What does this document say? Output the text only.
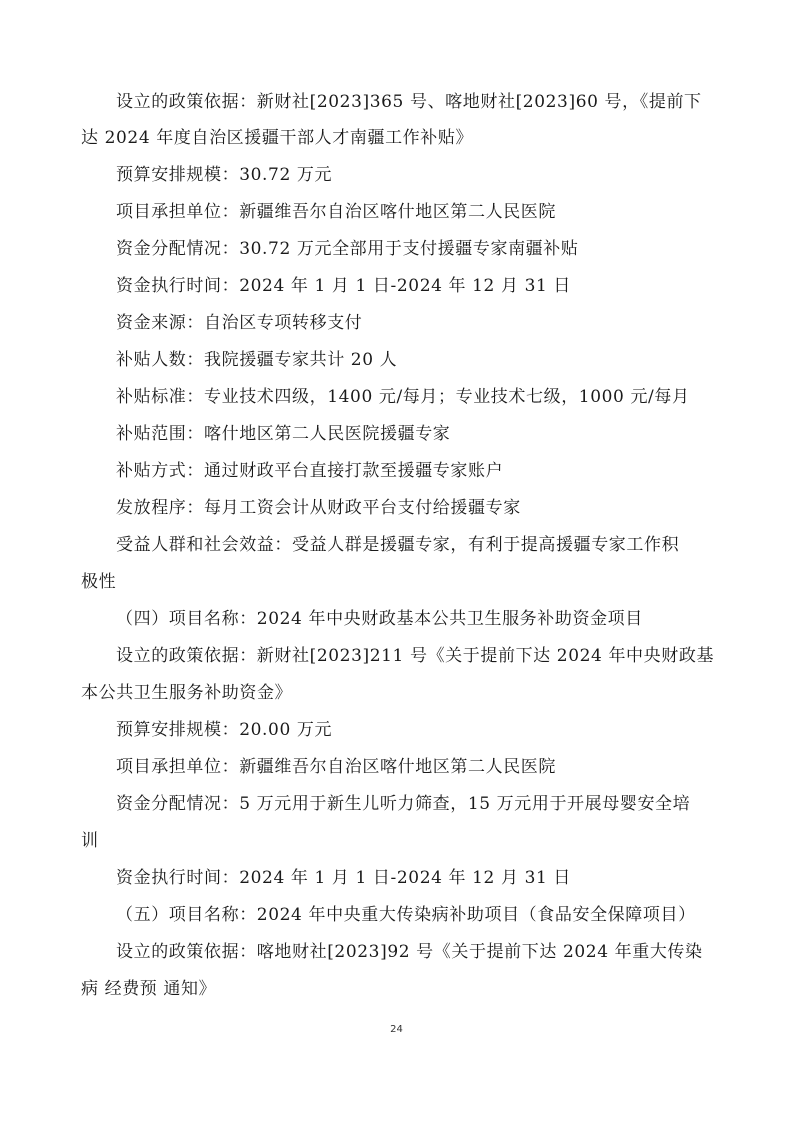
设立的政策依据：新财社[2023]365 号、喀地财社[2023]60 号，《提前下
达 2024 年度自治区援疆干部人才南疆工作补贴》
预算安排规模：30.72 万元
项目承担单位：新疆维吾尔自治区喀什地区第二人民医院
资金分配情况：30.72 万元全部用于支付援疆专家南疆补贴
资金执行时间：2024 年 1 月 1 日-2024 年 12 月 31 日
资金来源：自治区专项转移支付
补贴人数：我院援疆专家共计 20 人
补贴标准：专业技术四级，1400 元/每月；专业技术七级，1000 元/每月
补贴范围：喀什地区第二人民医院援疆专家
补贴方式：通过财政平台直接打款至援疆专家账户
发放程序：每月工资会计从财政平台支付给援疆专家
受益人群和社会效益：受益人群是援疆专家，有利于提高援疆专家工作积
极性
（四）项目名称：2024 年中央财政基本公共卫生服务补助资金项目
设立的政策依据：新财社[2023]211 号《关于提前下达 2024 年中央财政基
本公共卫生服务补助资金》
预算安排规模：20.00 万元
项目承担单位：新疆维吾尔自治区喀什地区第二人民医院
资金分配情况：5 万元用于新生儿听力筛查，15 万元用于开展母婴安全培
训
资金执行时间：2024 年 1 月 1 日-2024 年 12 月 31 日
（五）项目名称：2024 年中央重大传染病补助项目（食品安全保障项目）
设立的政策依据：喀地财社[2023]92 号《关于提前下达 2024 年重大传染
病 经费预 通知》
24
